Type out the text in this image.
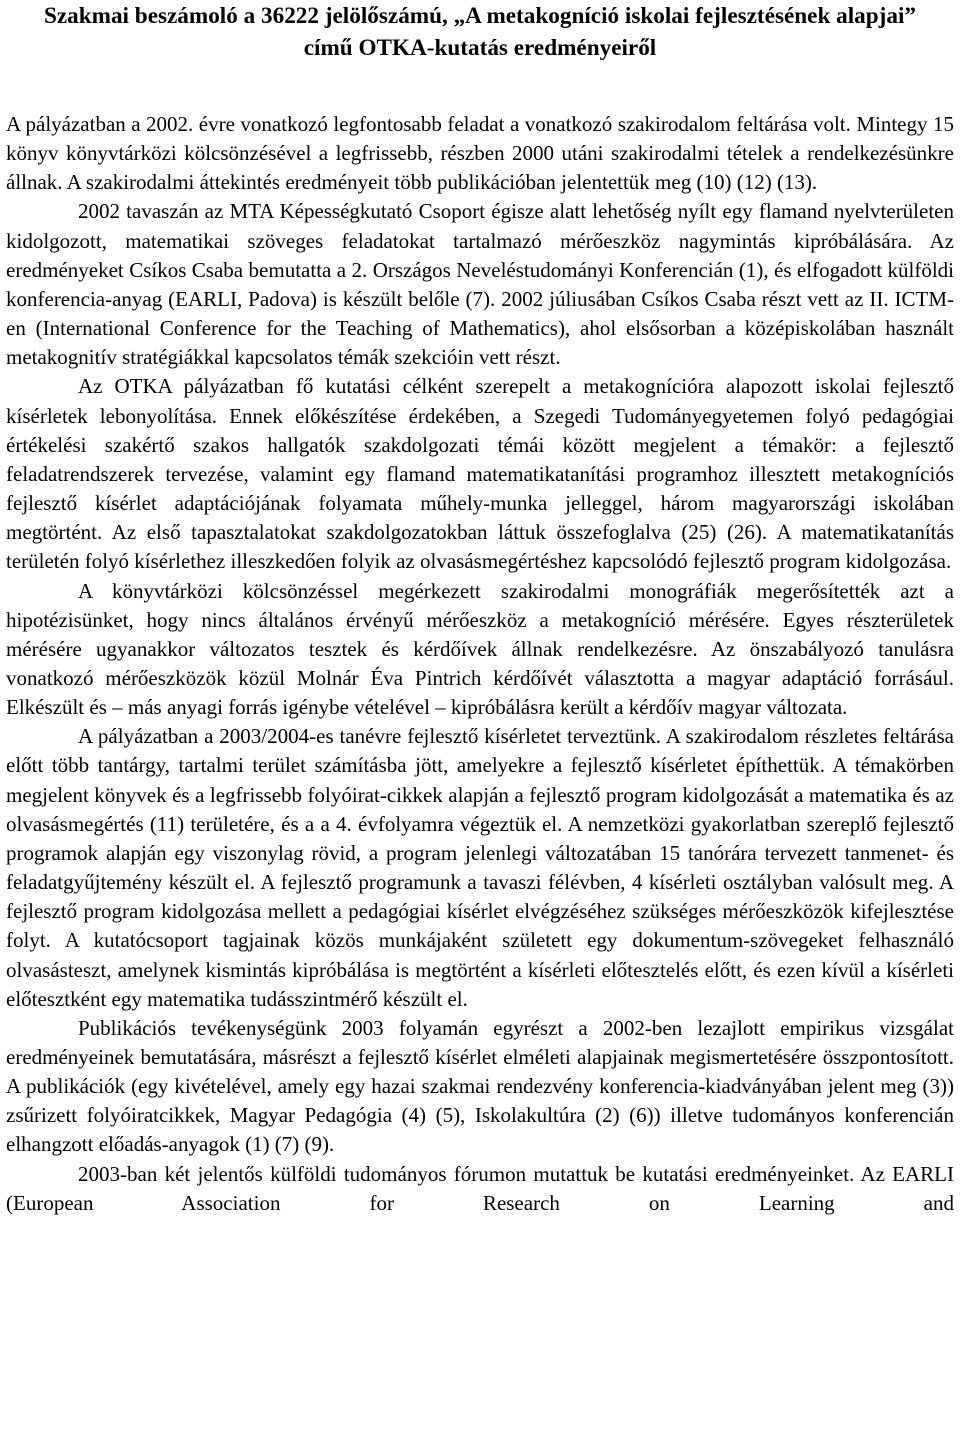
Szakmai beszámoló a 36222 jelölőszámú, „A metakogníció iskolai fejlesztésének alapjai”
című OTKA-kutatás eredményeiről

A pályázatban a 2002. évre vonatkozó legfontosabb feladat a vonatkozó szakirodalom feltárása volt. Mintegy 15 könyv könyvtárközi kölcsönzésével a legfrissebb, részben 2000 utáni szakirodalmi tételek a rendelkezésünkre állnak. A szakirodalmi áttekintés eredményeit több publikációban jelentettük meg (10) (12) (13).

2002 tavaszán az MTA Képességkutató Csoport égisze alatt lehetőség nyílt egy flamand nyelvterületen kidolgozott, matematikai szöveges feladatokat tartalmazó mérőeszköz nagymintás kipróbálására. Az eredményeket Csíkos Csaba bemutatta a 2. Országos Neveléstudományi Konferencián (1), és elfogadott külföldi konferencia-anyag (EARLI, Padova) is készült belőle (7). 2002 júliusában Csíkos Csaba részt vett az II. ICTM-en (International Conference for the Teaching of Mathematics), ahol elsősorban a középiskolában használt metakognitív stratégiákkal kapcsolatos témák szekcióin vett részt.

Az OTKA pályázatban fő kutatási célként szerepelt a metakognícióra alapozott iskolai fejlesztő kísérletek lebonyolítása. Ennek előkészítése érdekében, a Szegedi Tudományegyetemen folyó pedagógiai értékelési szakértő szakos hallgatók szakdolgozati témái között megjelent a témakör: a fejlesztő feladatrendszerek tervezése, valamint egy flamand matematikatanítási programhoz illesztett metakogníciós fejlesztő kísérlet adaptációjának folyamata műhely-munka jelleggel, három magyarországi iskolában megtörtént. Az első tapasztalatokat szakdolgozatokban láttuk összefoglalva (25) (26). A matematikatanítás területén folyó kísérlethez illeszkedően folyik az olvasásmegértéshez kapcsolódó fejlesztő program kidolgozása.

A könyvtárközi kölcsönzéssel megérkezett szakirodalmi monográfiák megerősítették azt a hipotézisünket, hogy nincs általános érvényű mérőeszköz a metakogníció mérésére. Egyes részterületek mérésére ugyanakkor változatos tesztek és kérdőívek állnak rendelkezésre. Az önszabályozó tanulásra vonatkozó mérőeszközök közül Molnár Éva Pintrich kérdőívét választotta a magyar adaptáció forrásául. Elkészült és – más anyagi forrás igénybe vételével – kipróbálásra került a kérdőív magyar változata.

A pályázatban a 2003/2004-es tanévre fejlesztő kísérletet terveztünk. A szakirodalom részletes feltárása előtt több tantárgy, tartalmi terület számításba jött, amelyekre a fejlesztő kísérletet építhettük. A témakörben megjelent könyvek és a legfrissebb folyóirat-cikkek alapján a fejlesztő program kidolgozását a matematika és az olvasásmegértés (11) területére, és a a 4. évfolyamra végeztük el. A nemzetközi gyakorlatban szereplő fejlesztő programok alapján egy viszonylag rövid, a program jelenlegi változatában 15 tanórára tervezett tanmenet- és feladatgyűjtemény készült el. A fejlesztő programunk a tavaszi félévben, 4 kísérleti osztályban valósult meg. A fejlesztő program kidolgozása mellett a pedagógiai kísérlet elvégzéséhez szükséges mérőeszközök kifejlesztése folyt. A kutatócsoport tagjainak közös munkájaként született egy dokumentum-szövegeket felhasználó olvasásteszt, amelynek kismintás kipróbálása is megtörtént a kísérleti előtesztelés előtt, és ezen kívül a kísérleti előtesztként egy matematika tudásszintmérő készült el.

Publikációs tevékenységünk 2003 folyamán egyrészt a 2002-ben lezajlott empirikus vizsgálat eredményeinek bemutatására, másrészt a fejlesztő kísérlet elméleti alapjainak megismertetésére összpontosított. A publikációk (egy kivételével, amely egy hazai szakmai rendezvény konferencia-kiadványában jelent meg (3)) zsűrizett folyóiratcikkek, Magyar Pedagógia (4) (5), Iskolakultúra (2) (6)) illetve tudományos konferencián elhangzott előadás-anyagok (1) (7) (9).

2003-ban két jelentős külföldi tudományos fórumon mutattuk be kutatási eredményeinket. Az EARLI (European Association for Research on Learning and
